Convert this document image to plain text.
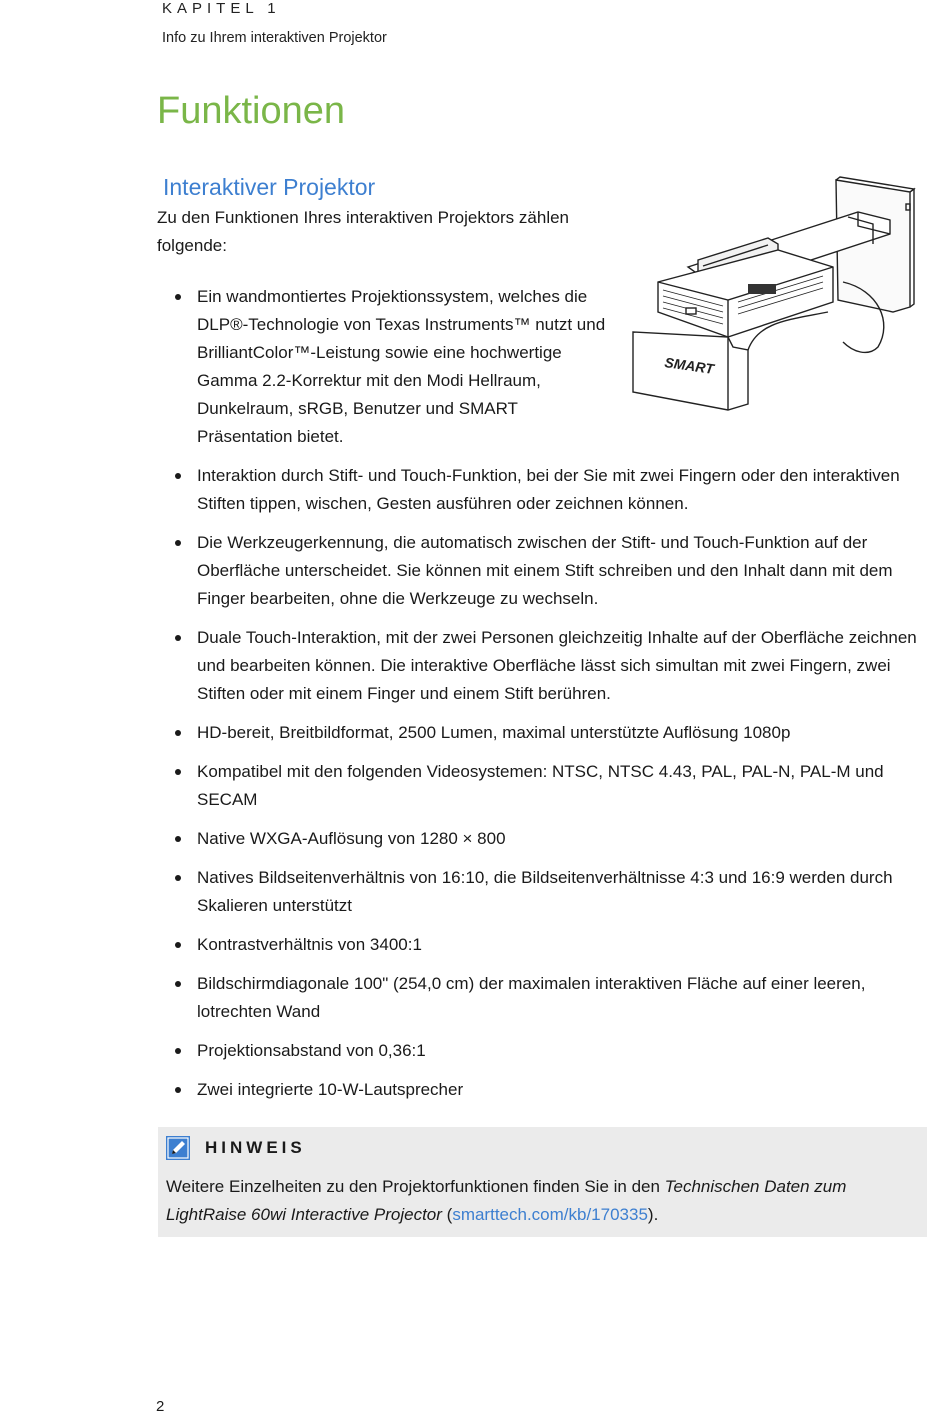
KAPITEL 1
Info zu Ihrem interaktiven Projektor
Funktionen
Interaktiver Projektor

Zu den Funktionen Ihres interaktiven Projektors zählen folgende:

SMART
Ein wandmontiertes Projektionssystem, welches die DLP®-Technologie von Texas Instruments™ nutzt und BrilliantColor™-Leistung sowie eine hochwertige Gamma 2.2-Korrektur mit den Modi Hellraum, Dunkelraum, sRGB, Benutzer und SMART Präsentation bietet.
Interaktion durch Stift- und Touch-Funktion, bei der Sie mit zwei Fingern oder den interaktiven Stiften tippen, wischen, Gesten ausführen oder zeichnen können.
Die Werkzeugerkennung, die automatisch zwischen der Stift- und Touch-Funktion auf der Oberfläche unterscheidet. Sie können mit einem Stift schreiben und den Inhalt dann mit dem Finger bearbeiten, ohne die Werkzeuge zu wechseln.
Duale Touch-Interaktion, mit der zwei Personen gleichzeitig Inhalte auf der Oberfläche zeichnen und bearbeiten können. Die interaktive Oberfläche lässt sich simultan mit zwei Fingern, zwei Stiften oder mit einem Finger und einem Stift berühren.
HD-bereit, Breitbildformat, 2500 Lumen, maximal unterstützte Auflösung 1080p
Kompatibel mit den folgenden Videosystemen: NTSC, NTSC 4.43, PAL, PAL-N, PAL-M und SECAM
Native WXGA-Auflösung von 1280 × 800
Natives Bildseitenverhältnis von 16:10, die Bildseitenverhältnisse 4:3 und 16:9 werden durch Skalieren unterstützt
Kontrastverhältnis von 3400:1
Bildschirmdiagonale 100" (254,0 cm) der maximalen interaktiven Fläche auf einer leeren, lotrechten Wand
Projektionsabstand von 0,36:1
Zwei integrierte 10-W-Lautsprecher
HINWEIS

Weitere Einzelheiten zu den Projektorfunktionen finden Sie in den Technischen Daten zum LightRaise 60wi Interactive Projector (smarttech.com/kb/170335).

2
